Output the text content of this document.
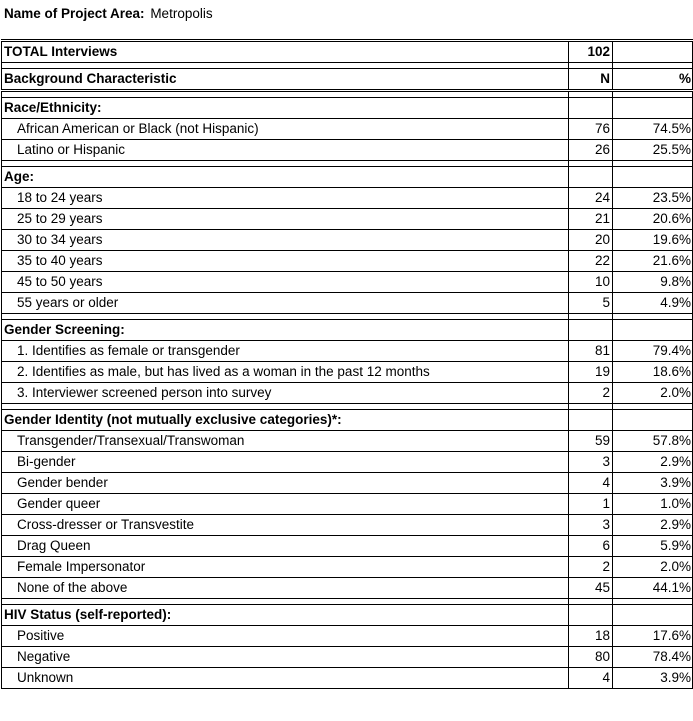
Name of Project Area: Metropolis
TOTAL Interviews	102	

Background Characteristic	N	%

Race/Ethnicity:		
African American or Black (not Hispanic)	76	74.5%
Latino or Hispanic	26	25.5%

Age:		
18 to 24 years	24	23.5%
25 to 29 years	21	20.6%
30 to 34 years	20	19.6%
35 to 40 years	22	21.6%
45 to 50 years	10	9.8%
55 years or older	5	4.9%

Gender Screening:		
1. Identifies as female or transgender	81	79.4%
2. Identifies as male, but has lived as a woman in the past 12 months	19	18.6%
3. Interviewer screened person into survey	2	2.0%

Gender Identity (not mutually exclusive categories)*:		
Transgender/Transexual/Transwoman	59	57.8%
Bi-gender	3	2.9%
Gender bender	4	3.9%
Gender queer	1	1.0%
Cross-dresser or Transvestite	3	2.9%
Drag Queen	6	5.9%
Female Impersonator	2	2.0%
None of the above	45	44.1%

HIV Status (self-reported):		
Positive	18	17.6%
Negative	80	78.4%
Unknown	4	3.9%
